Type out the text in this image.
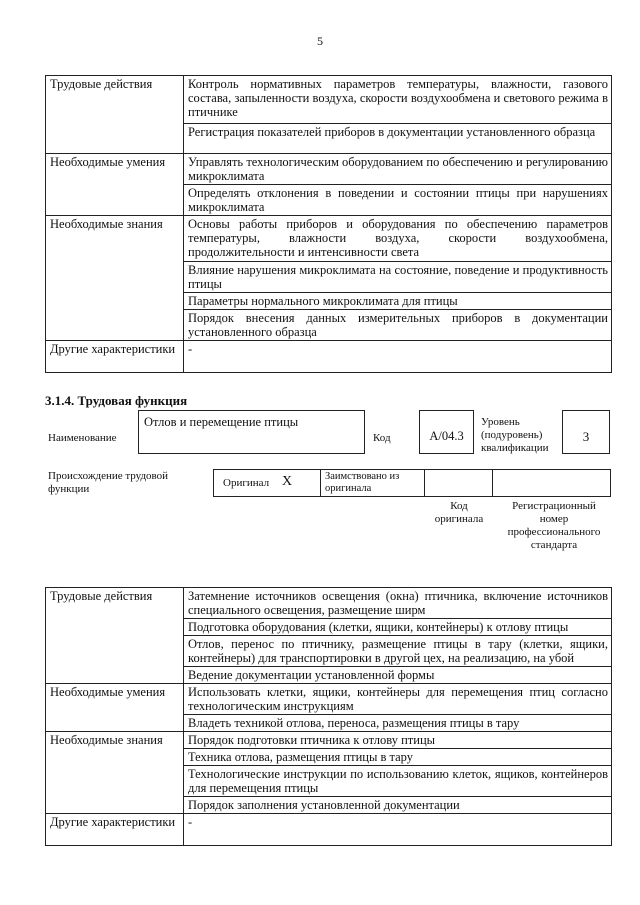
5
Трудовые действия	Контроль нормативных параметров температуры, влажности, газового состава, запыленности воздуха, скорости воздухообмена и светового режима в птичнике
	Регистрация показателей приборов в документации установленного образца
Необходимые умения	Управлять технологическим оборудованием по обеспечению и регулированию микроклимата
	Определять отклонения в поведении и состоянии птицы при нарушениях микроклимата
Необходимые знания	Основы работы приборов и оборудования по обеспечению параметров температуры, влажности воздуха, скорости воздухообмена, продолжительности и интенсивности света
	Влияние нарушения микроклимата на состояние, поведение и продуктивность птицы
	Параметры нормального микроклимата для птицы
	Порядок внесения данных измерительных приборов в документации установленного образца
Другие характеристики	-
3.1.4. Трудовая функция
Наименование
Отлов и перемещение птицы
Код	А/04.3
Уровень (подуровень) квалификации
3
Происхождение трудовой функции	Оригинал Х	Заимствовано из оригинала
Код оригинала
Регистрационный номер профессионального стандарта
Трудовые действия	Затемнение источников освещения (окна) птичника, включение источников специального освещения, размещение ширм
	Подготовка оборудования (клетки, ящики, контейнеры) к отлову птицы
	Отлов, перенос по птичнику, размещение птицы в тару (клетки, ящики, контейнеры) для транспортировки в другой цех, на реализацию, на убой
	Ведение документации установленной формы
Необходимые умения	Использовать клетки, ящики, контейнеры для перемещения птиц согласно технологическим инструкциям
	Владеть техникой отлова, переноса, размещения птицы в тару
Необходимые знания	Порядок подготовки птичника к отлову птицы
	Техника отлова, размещения птицы в тару
	Технологические инструкции по использованию клеток, ящиков, контейнеров для перемещения птицы
	Порядок заполнения установленной документации
Другие характеристики	-
